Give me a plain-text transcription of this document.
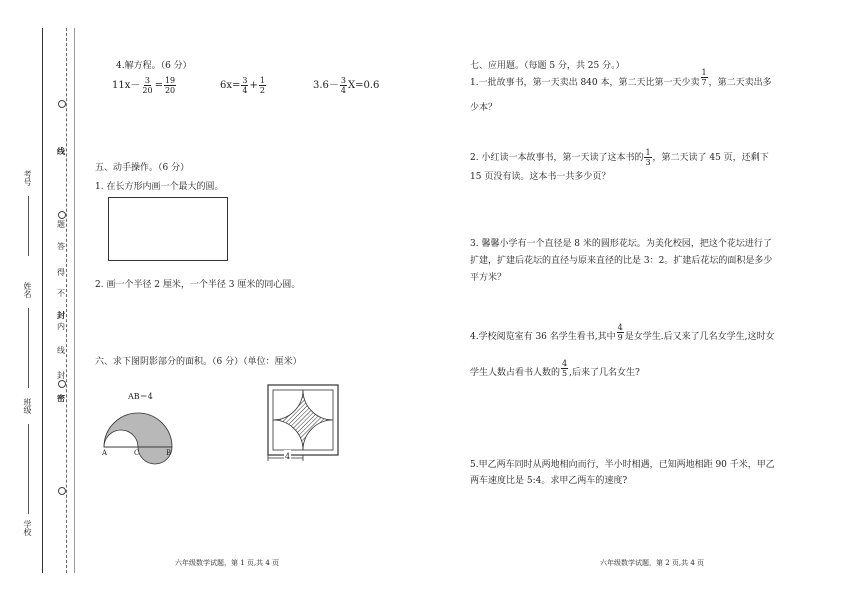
考号
姓名
班级
学校
线
题
答
得
不
封
内
线
封
密
4.解方程。（6 分）
$11x- \frac{3}{20} = \frac{19}{20}$	$6x= \frac{3}{4} + \frac{1}{2}$	$3.6- \frac{3}{4} X=0.6$
五、动手操作。（6 分）
1. 在长方形内画一个最大的圆。
2. 画一个半径 2 厘米，一个半径 3 厘米的同心圆。
六、求下图阴影部分的面积。（6 分）（单位：厘米）
AB＝4
A	C	B	4
六年级数学试题，第 1 页,共 4 页
七、应用题。（每题 5 分，共 25 分。）
1.一批故事书，第一天卖出 840 本，第二天比第一天少卖 $\frac{1}{7}$ ，第二天卖出多
少本？
2. 小红读一本故事书，第一天读了这本书的 $\frac{1}{3}$ ，第二天读了 45 页，还剩下
15 页没有读。这本书一共多少页？
3. 馨馨小学有一个直径是 8 米的圆形花坛。为美化校园，把这个花坛进行了
扩建，扩建后花坛的直径与原来直径的比是 3：2。扩建后花坛的面积是多少
平方米？
4.学校阅览室有 36 名学生看书,其中 $\frac{4}{9}$ 是女学生.后又来了几名女学生,这时女
学生人数占看书人数的 $\frac{4}{5}$ ,后来了几名女生?
5.甲乙两车同时从两地相向而行，半小时相遇，已知两地相距 90 千米，甲乙
两车速度比是 5:4。求甲乙两车的速度?
六年级数学试题，第 2 页,共 4 页
